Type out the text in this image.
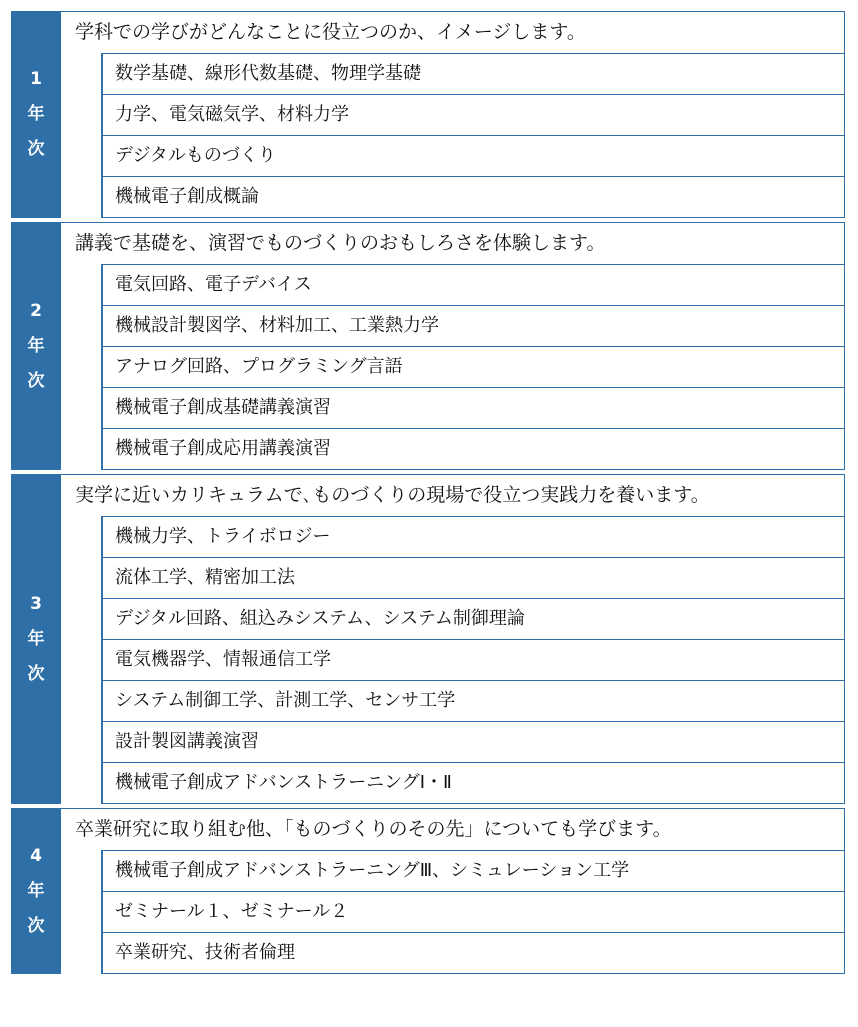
1
年
次
学科での学びがどんなことに役立つのか、イメージします。
数学基礎、線形代数基礎、物理学基礎
力学、電気磁気学、材料力学
デジタルものづくり
機械電子創成概論
2
年
次
講義で基礎を、演習でものづくりのおもしろさを体験します。
電気回路、電子デバイス
機械設計製図学、材料加工、工業熱力学
アナログ回路、プログラミング言語
機械電子創成基礎講義演習
機械電子創成応用講義演習
3
年
次
実学に近いカリキュラムで､ものづくりの現場で役立つ実践力を養います。
機械力学、トライボロジー
流体工学、精密加工法
デジタル回路、組込みシステム、システム制御理論
電気機器学、情報通信工学
システム制御工学、計測工学、センサ工学
設計製図講義演習
機械電子創成アドバンストラーニングⅠ・Ⅱ
4
年
次
卒業研究に取り組む他、「ものづくりのその先」についても学びます。
機械電子創成アドバンストラーニングⅢ、シミュレーション工学
ゼミナール１、ゼミナール２
卒業研究、技術者倫理
